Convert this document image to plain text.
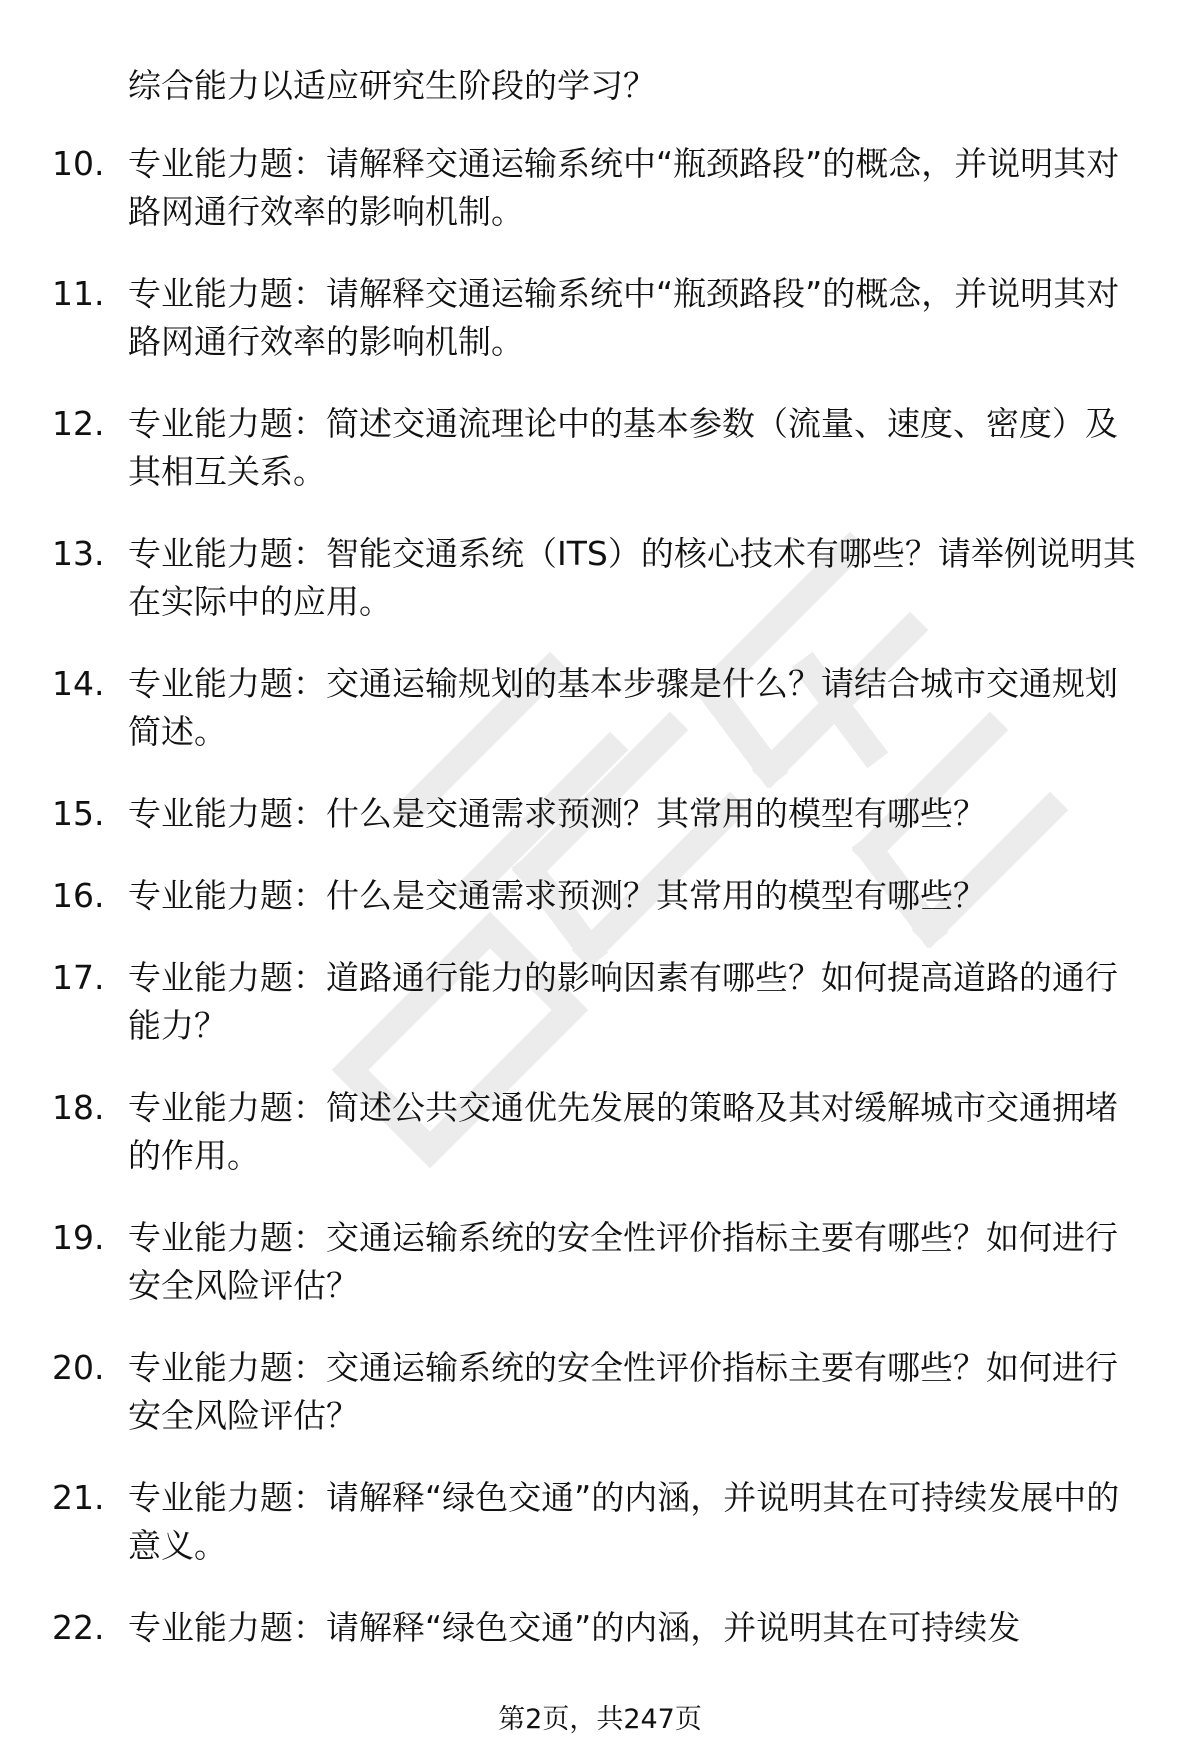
综合能力以适应研究生阶段的学习？
10. 专业能力题：请解释交通运输系统中“瓶颈路段”的概念，并说明其对路网通行效率的影响机制。
11. 专业能力题：请解释交通运输系统中“瓶颈路段”的概念，并说明其对路网通行效率的影响机制。
12. 专业能力题：简述交通流理论中的基本参数（流量、速度、密度）及其相互关系。
13. 专业能力题：智能交通系统（ITS）的核心技术有哪些？请举例说明其在实际中的应用。
14. 专业能力题：交通运输规划的基本步骤是什么？请结合城市交通规划简述。
15. 专业能力题：什么是交通需求预测？其常用的模型有哪些？
16. 专业能力题：什么是交通需求预测？其常用的模型有哪些？
17. 专业能力题：道路通行能力的影响因素有哪些？如何提高道路的通行能力？
18. 专业能力题：简述公共交通优先发展的策略及其对缓解城市交通拥堵的作用。
19. 专业能力题：交通运输系统的安全性评价指标主要有哪些？如何进行安全风险评估？
20. 专业能力题：交通运输系统的安全性评价指标主要有哪些？如何进行安全风险评估？
21. 专业能力题：请解释“绿色交通”的内涵，并说明其在可持续发展中的意义。
22. 专业能力题：请解释“绿色交通”的内涵，并说明其在可持续发
第2页，共247页
